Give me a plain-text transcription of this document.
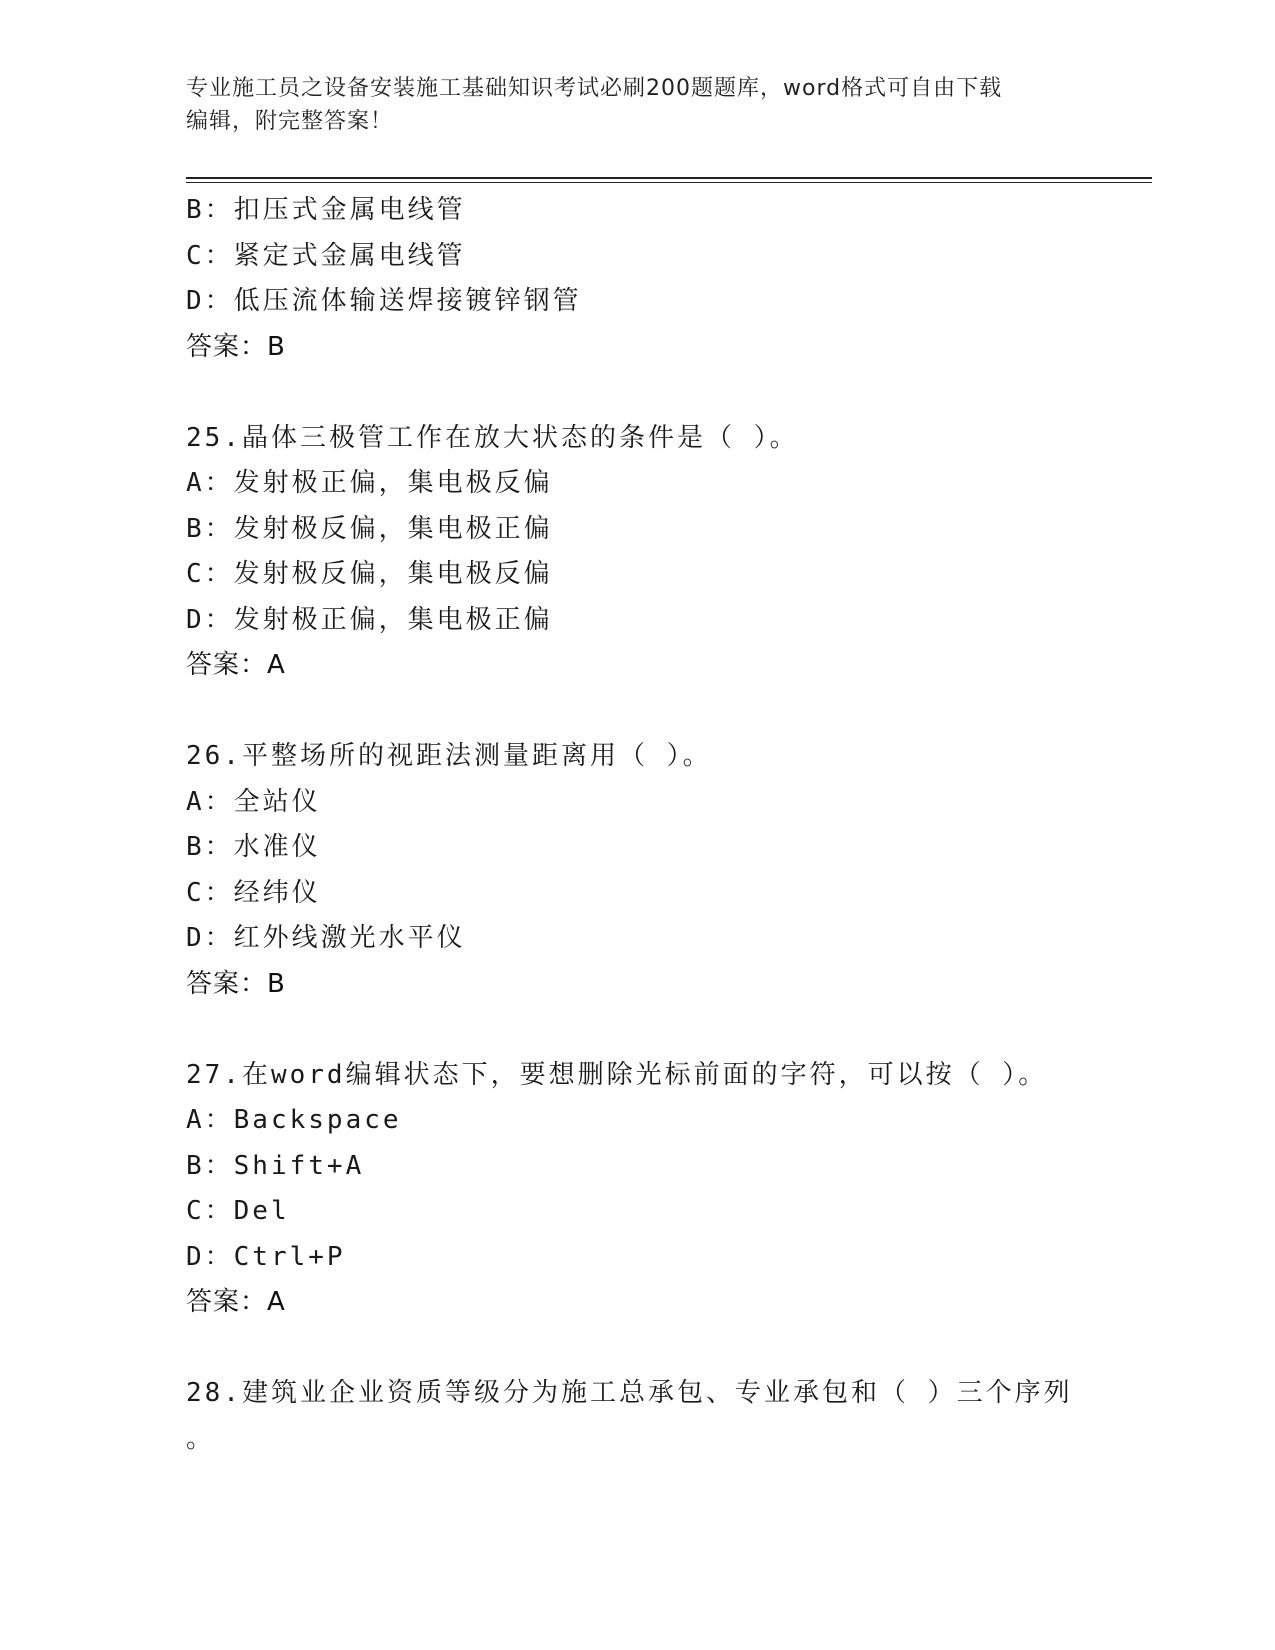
专业施工员之设备安装施工基础知识考试必刷200题题库，word格式可自由下载
编辑，附完整答案！
B：扣压式金属电线管
C：紧定式金属电线管
D：低压流体输送焊接镀锌钢管
答案：B
25.晶体三极管工作在放大状态的条件是（ ）。
A：发射极正偏，集电极反偏
B：发射极反偏，集电极正偏
C：发射极反偏，集电极反偏
D：发射极正偏，集电极正偏
答案：A
26.平整场所的视距法测量距离用（ ）。
A：全站仪
B：水准仪
C：经纬仪
D：红外线激光水平仪
答案：B
27.在word编辑状态下，要想删除光标前面的字符，可以按（ ）。
A：Backspace
B：Shift+A
C：Del
D：Ctrl+P
答案：A
28.建筑业企业资质等级分为施工总承包、专业承包和（ ）三个序列
。
